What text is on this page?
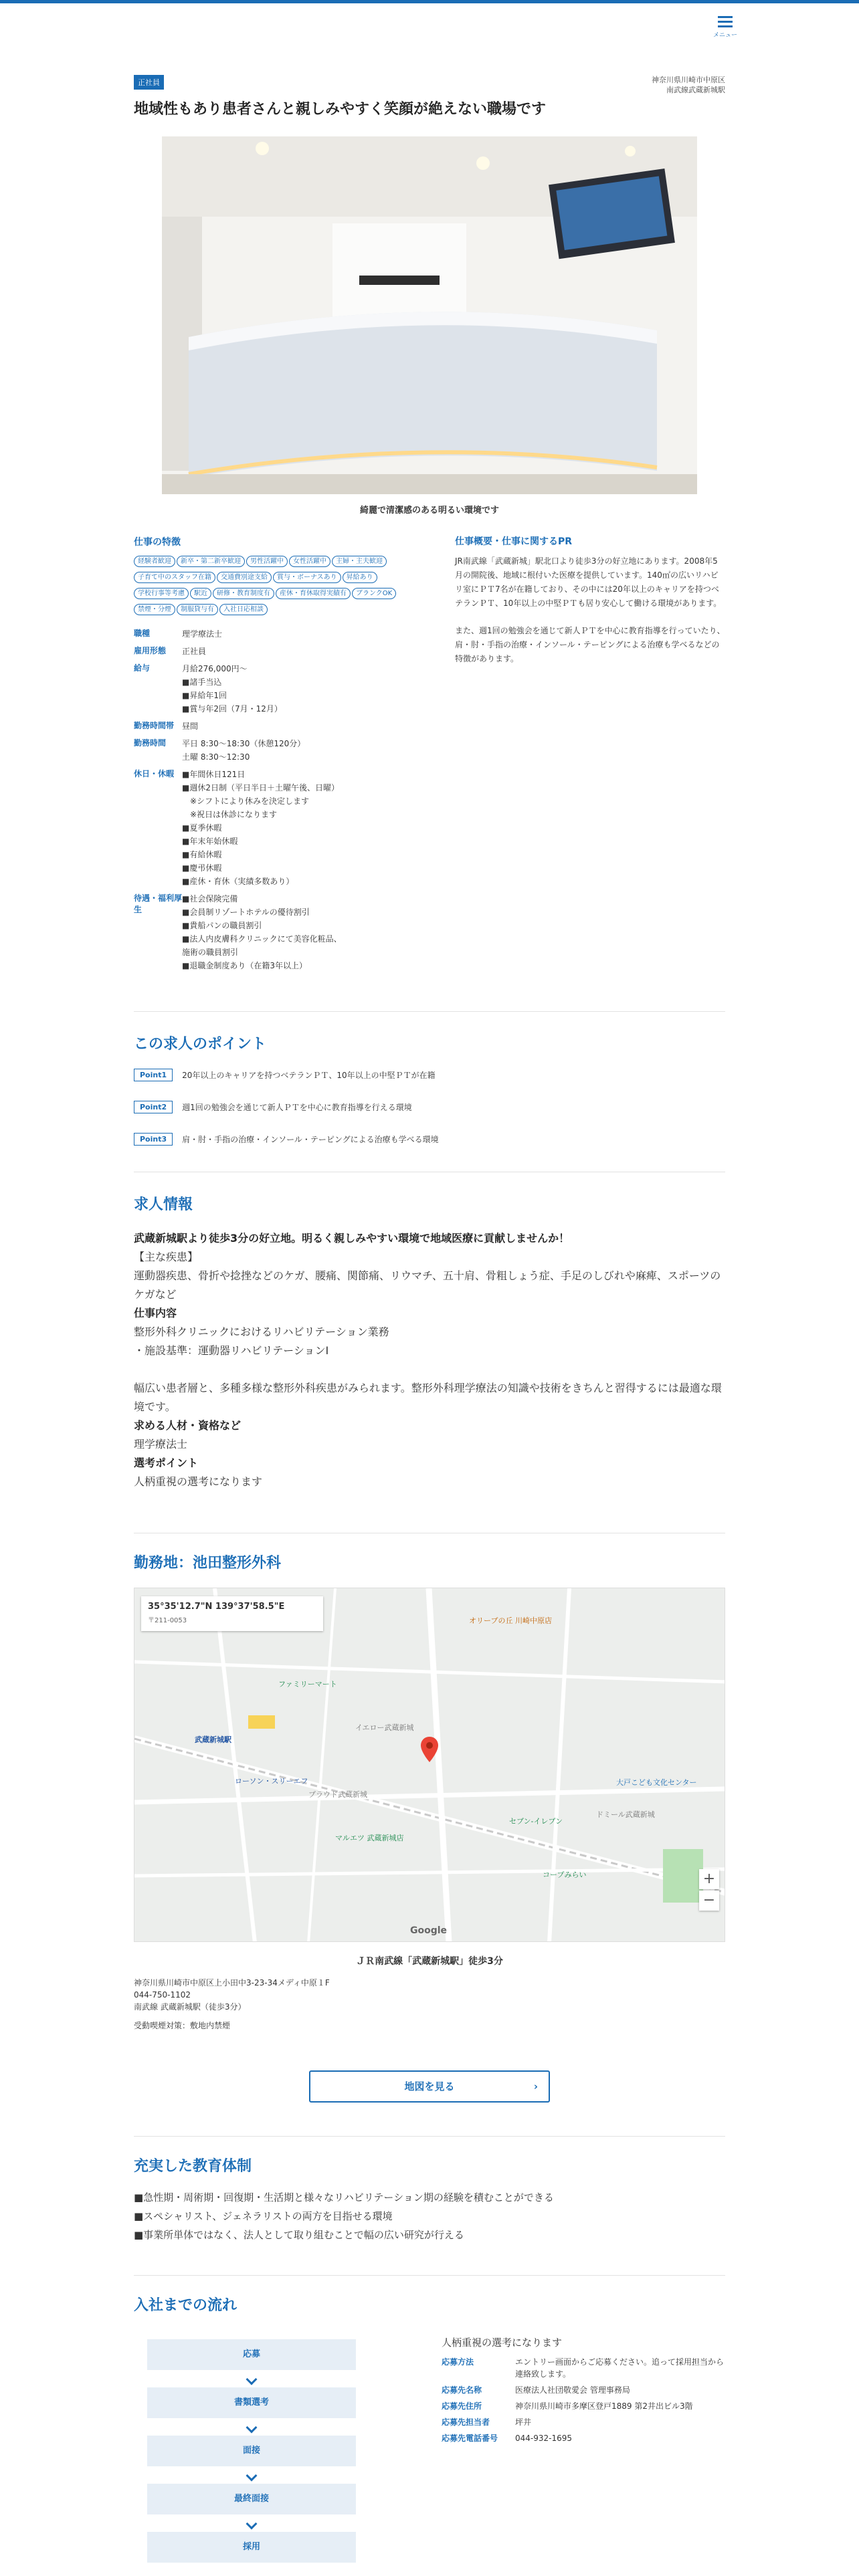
メニュー
正社員	神奈川県川崎市中原区
南武線武蔵新城駅
地域性もあり患者さんと親しみやすく笑顔が絶えない職場です
綺麗で清潔感のある明るい環境です
仕事の特徴
経験者歓迎 新卒・第二新卒歓迎 男性活躍中 女性活躍中 主婦・主夫歓迎子育て中のスタッフ在籍 交通費別途支給 賞与・ボーナスあり 昇給あり学校行事等考慮 駅近 研修・教育制度有 産休・育休取得実績有 ブランクOK禁煙・分煙 制服貸与有 入社日応相談
職種	理学療法士
雇用形態	正社員
給与	月給276,000円〜
■諸手当込
■昇給年1回
■賞与年2回（7月・12月）
勤務時間帯 昼間
勤務時間	平日 8:30〜18:30（休憩120分）
土曜 8:30〜12:30
休日・休暇 ■年間休日121日
■週休2日制（平日半日＋土曜午後、日曜）
　※シフトにより休みを決定します
　※祝日は休診になります
■夏季休暇
■年末年始休暇
■有給休暇
■慶弔休暇
■産休・育休（実績多数あり）
待遇・福利厚生
■社会保険完備
■会員制リゾートホテルの優待割引
■貴船パンの職員割引
■法人内皮膚科クリニックにて美容化粧品、
施術の職員割引
■退職金制度あり（在籍3年以上）
仕事概要・仕事に関するPR

JR南武線「武蔵新城」駅北口より徒歩3分の好立地にあります。2008年5月の開院後、地域に根付いた医療を提供しています。140㎡の広いリハビリ室にＰＴ7名が在籍しており、その中には20年以上のキャリアを持つベテランＰＴ、10年以上の中堅ＰＴも居り安心して働ける環境があります。

また、週1回の勉強会を通じて新人ＰＴを中心に教育指導を行っていたり、肩・肘・手指の治療・インソール・テーピングによる治療も学べるなどの特徴があります。

この求人のポイント
Point1	20年以上のキャリアを持つベテランＰＴ、10年以上の中堅ＰＴが在籍
Point2	週1回の勉強会を通じて新人ＰＴを中心に教育指導を行える環境
Point3	肩・肘・手指の治療・インソール・テーピングによる治療も学べる環境
求人情報
武蔵新城駅より徒歩3分の好立地。明るく親しみやすい環境で地域医療に貢献しませんか！
【主な疾患】
運動器疾患、骨折や捻挫などのケガ、腰痛、関節痛、リウマチ、五十肩、骨粗しょう症、手足のしびれや麻痺、スポーツのケガなど
仕事内容
整形外科クリニックにおけるリハビリテーション業務
・施設基準：運動器リハビリテーションⅠ
幅広い患者層と、多種多様な整形外科疾患がみられます。整形外科理学療法の知識や技術をきちんと習得するには最適な環境です。
求める人材・資格など
理学療法士
選考ポイント
人柄重視の選考になります
勤務地：池田整形外科
オリーブの丘 川崎中原店
ファミリーマート
武蔵新城駅
ローソン・スリーエフ
マルエツ 武蔵新城店
セブン-イレブン
大戸こども文化センター
ドミール武蔵新城
プラウド武蔵新城
コープみらい
イエロー武蔵新城
35°35'12.7"N 139°37'58.5"E
〒211-0053
+
−
Google
ＪＲ南武線「武蔵新城駅」徒歩3分
神奈川県川崎市中原区上小田中3-23-34メディ中原１F
044-750-1102
南武線 武蔵新城駅（徒歩3分）
受動喫煙対策：敷地内禁煙
地図を見る	›
充実した教育体制
■急性期・周術期・回復期・生活期と様々なリハビリテーション期の経験を積むことができる
■スペシャリスト、ジェネラリストの両方を目指せる環境
■事業所単体ではなく、法人として取り組むことで幅の広い研究が行える
入社までの流れ
応募
書類選考
面接
最終面接
採用
人柄重視の選考になります
応募方法	エントリー画面からご応募ください。追って採用担当から連絡致します。
応募先名称	医療法人社団敬愛会 管理事務局
応募先住所	神奈川県川崎市多摩区登戸1889 第2井出ビル3階
応募先担当者	坪井
応募先電話番号	044-932-1695
